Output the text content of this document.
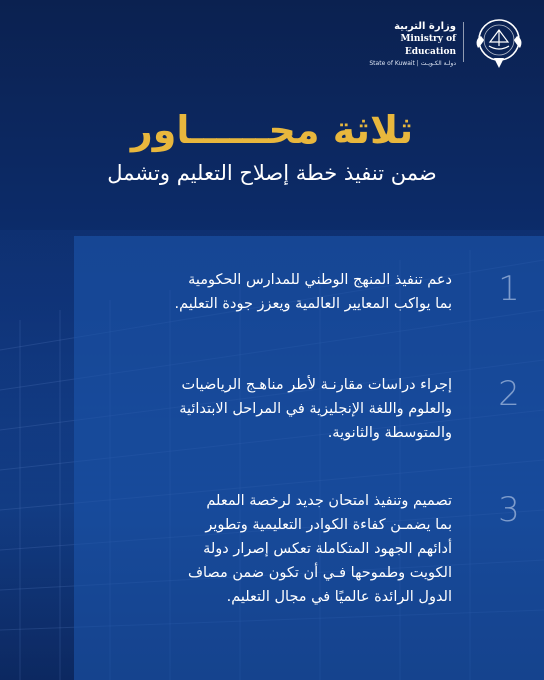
وزارة التربية
Ministry of Education
State of Kuwait | دولـة الكـويـت
ثلاثة محــــــاور
ضمن تنفيذ خطة إصلاح التعليم وتشمل
1
دعم تنفيذ المنهج الوطني للمدارس الحكومية
بما يواكب المعايير العالمية ويعزز جودة التعليم.
2
إجراء دراسات مقارنـة لأطر مناهـج الرياضيات
والعلوم واللغة الإنجليزية في المراحل الابتدائية
والمتوسطة والثانوية.
3
تصميم وتنفيذ امتحان جديد لرخصة المعلم
بما يضمـن كفاءة الكوادر التعليمية وتطوير
أدائهم الجهود المتكاملة تعكس إصرار دولة
الكويت وطموحها فـي أن تكون ضمن مصاف
الدول الرائدة عالميًا في مجال التعليم.
